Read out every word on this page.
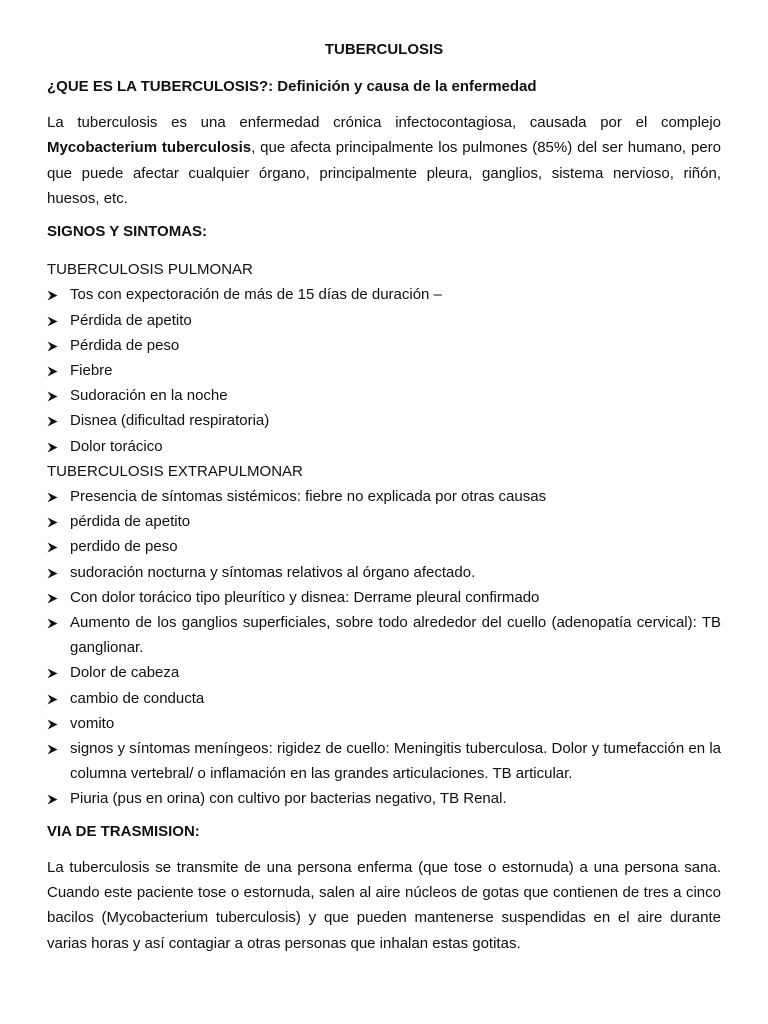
TUBERCULOSIS
¿QUE ES LA TUBERCULOSIS?: Definición y causa de la enfermedad

La tuberculosis es una enfermedad crónica infectocontagiosa, causada por el complejo Mycobacterium tuberculosis, que afecta principalmente los pulmones (85%) del ser humano, pero que puede afectar cualquier órgano, principalmente pleura, ganglios, sistema nervioso, riñón, huesos, etc.

SIGNOS Y SINTOMAS:
TUBERCULOSIS PULMONAR
Tos con expectoración de más de 15 días de duración –
Pérdida de apetito
Pérdida de peso
Fiebre
Sudoración en la noche
Disnea (dificultad respiratoria)
Dolor torácico
TUBERCULOSIS EXTRAPULMONAR
Presencia de síntomas sistémicos: fiebre no explicada por otras causas
pérdida de apetito
perdido de peso
sudoración nocturna y síntomas relativos al órgano afectado.
Con dolor torácico tipo pleurítico y disnea: Derrame pleural confirmado
Aumento de los ganglios superficiales, sobre todo alrededor del cuello (adenopatía cervical): TB ganglionar.
Dolor de cabeza
cambio de conducta
vomito
signos y síntomas meníngeos: rigidez de cuello: Meningitis tuberculosa. Dolor y tumefacción en la columna vertebral/ o inflamación en las grandes articulaciones. TB articular.
Piuria (pus en orina) con cultivo por bacterias negativo, TB Renal.
VIA DE TRASMISION:

La tuberculosis se transmite de una persona enferma (que tose o estornuda) a una persona sana. Cuando este paciente tose o estornuda, salen al aire núcleos de gotas que contienen de tres a cinco bacilos (Mycobacterium tuberculosis) y que pueden mantenerse suspendidas en el aire durante varias horas y así contagiar a otras personas que inhalan estas gotitas.
